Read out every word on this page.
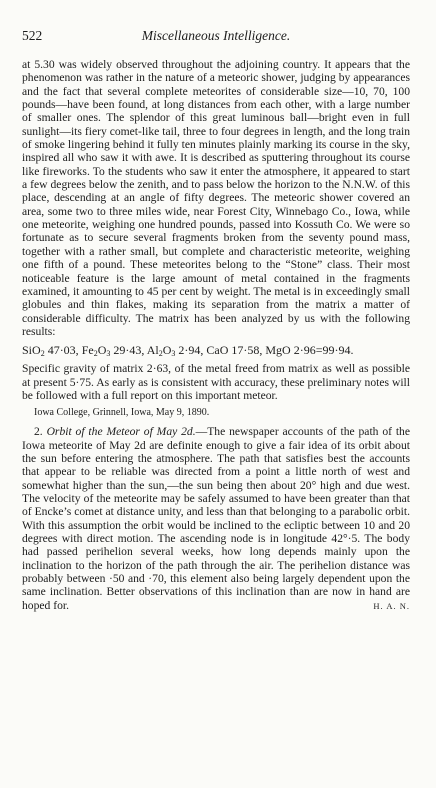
522	Miscellaneous Intelligence.

at 5.30 was widely observed throughout the adjoining country. It appears that the phenomenon was rather in the nature of a meteoric shower, judging by appearances and the fact that several complete meteorites of considerable size—10, 70, 100 pounds—have been found, at long distances from each other, with a large number of smaller ones. The splendor of this great luminous ball—bright even in full sunlight—its fiery comet-like tail, three to four degrees in length, and the long train of smoke lingering behind it fully ten minutes plainly marking its course in the sky, inspired all who saw it with awe. It is described as sputtering throughout its course like fireworks. To the students who saw it enter the atmosphere, it appeared to start a few degrees below the zenith, and to pass below the horizon to the N.N.W. of this place, descending at an angle of fifty degrees. The meteoric shower covered an area, some two to three miles wide, near Forest City, Winnebago Co., Iowa, while one meteorite, weighing one hundred pounds, passed into Kossuth Co. We were so fortunate as to secure several fragments broken from the seventy pound mass, together with a rather small, but complete and characteristic meteorite, weighing one fifth of a pound. These meteorites belong to the “Stone” class. Their most noticeable feature is the large amount of metal contained in the fragments examined, it amounting to 45 per cent by weight. The metal is in exceedingly small globules and thin flakes, making its separation from the matrix a matter of considerable difficulty. The matrix has been analyzed by us with the following results:

SiO$_2$ 47·03, $Fe_2O_3$ 29·43, $Al_2O_3$ 2·94, CaO 17·58, MgO 2·96=99·94.

Specific gravity of matrix 2·63, of the metal freed from matrix as well as possible at present 5·75. As early as is consistent with accuracy, these preliminary notes will be followed with a full report on this important meteor.

Iowa College, Grinnell, Iowa, May 9, 1890.

2. Orbit of the Meteor of May 2d.—The newspaper accounts of the path of the Iowa meteorite of May 2d are definite enough to give a fair idea of its orbit about the sun before entering the atmosphere. The path that satisfies best the accounts that appear to be reliable was directed from a point a little north of west and somewhat higher than the sun,—the sun being then about 20° high and due west. The velocity of the meteorite may be safely assumed to have been greater than that of Encke’s comet at distance unity, and less than that belonging to a parabolic orbit. With this assumption the orbit would be inclined to the ecliptic between 10 and 20 degrees with direct motion. The ascending node is in longitude 42°·5. The body had passed perihelion several weeks, how long depends mainly upon the inclination to the horizon of the path through the air. The perihelion distance was probably between ·50 and ·70, this element also being largely dependent upon the same inclination. Better observations of this inclination than are now in hand are hoped for.	H. A. N.
